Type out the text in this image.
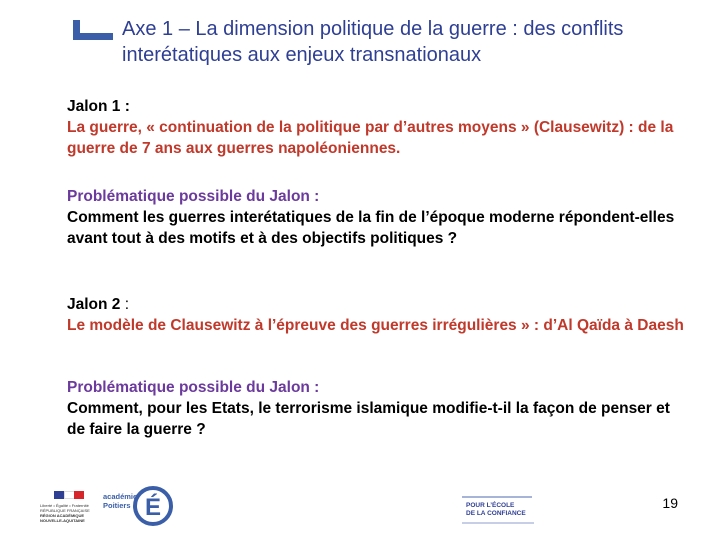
Axe 1 – La dimension politique de la guerre : des conflits interétatiques aux enjeux transnationaux

Jalon 1 :
La guerre, « continuation de la politique par d’autres moyens » (Clausewitz) : de la guerre de 7 ans aux guerres napoléoniennes.

Problématique possible du Jalon :
Comment les guerres interétatiques de la fin de l’époque moderne répondent-elles avant tout à des motifs et à des objectifs politiques ?

Jalon 2 :
Le modèle de Clausewitz à l’épreuve des guerres irrégulières » : d’Al Qaïda à Daesh

Problématique possible du Jalon :
Comment, pour les Etats, le terrorisme islamique modifie-t-il la façon de penser et de faire la guerre ?

Liberté • Égalité • Fraternité RÉPUBLIQUE FRANÇAISE
RÉGION ACADÉMIQUE NOUVELLE-AQUITAINE
académie
Poitiers É	POUR L’ÉCOLE
DE LA CONFIANCE
19
